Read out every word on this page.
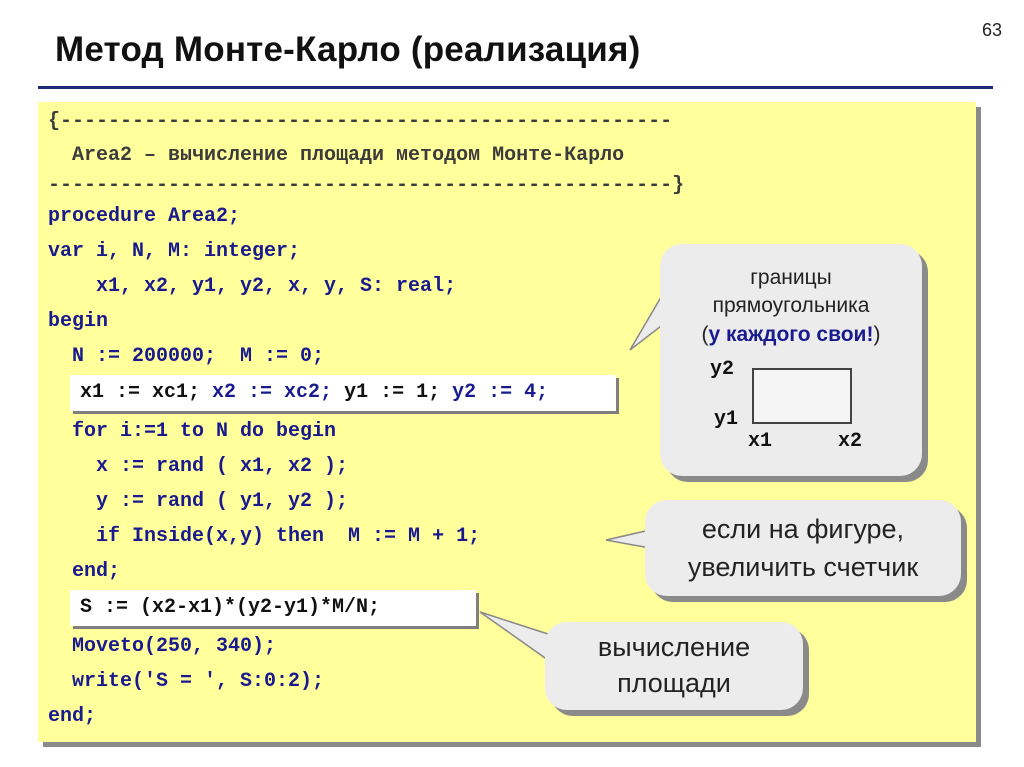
Метод Монте-Карло (реализация)	63
{---------------------------------------------------
Area2 – вычисление площади методом Монте-Карло
----------------------------------------------------}
procedure Area2;
var i, N, M: integer;
x1, x2, y1, y2, x, y, S: real;
begin
N := 200000;  M := 0;
x1 := xc1; x2 := xc2; y1 := 1; y2 := 4;
for i:=1 to N do begin
x := rand ( x1, x2 );
y := rand ( y1, y2 );
if Inside(x,y) then  M := M + 1;
end;
S := (x2-x1)*(y2-y1)*M/N;
Moveto(250, 340);
write('S = ', S:0:2);
end;
границы
прямоугольника
(у каждого свои!)
y2
y1
x1	x2
если на фигуре,
увеличить счетчик
вычисление
площади
